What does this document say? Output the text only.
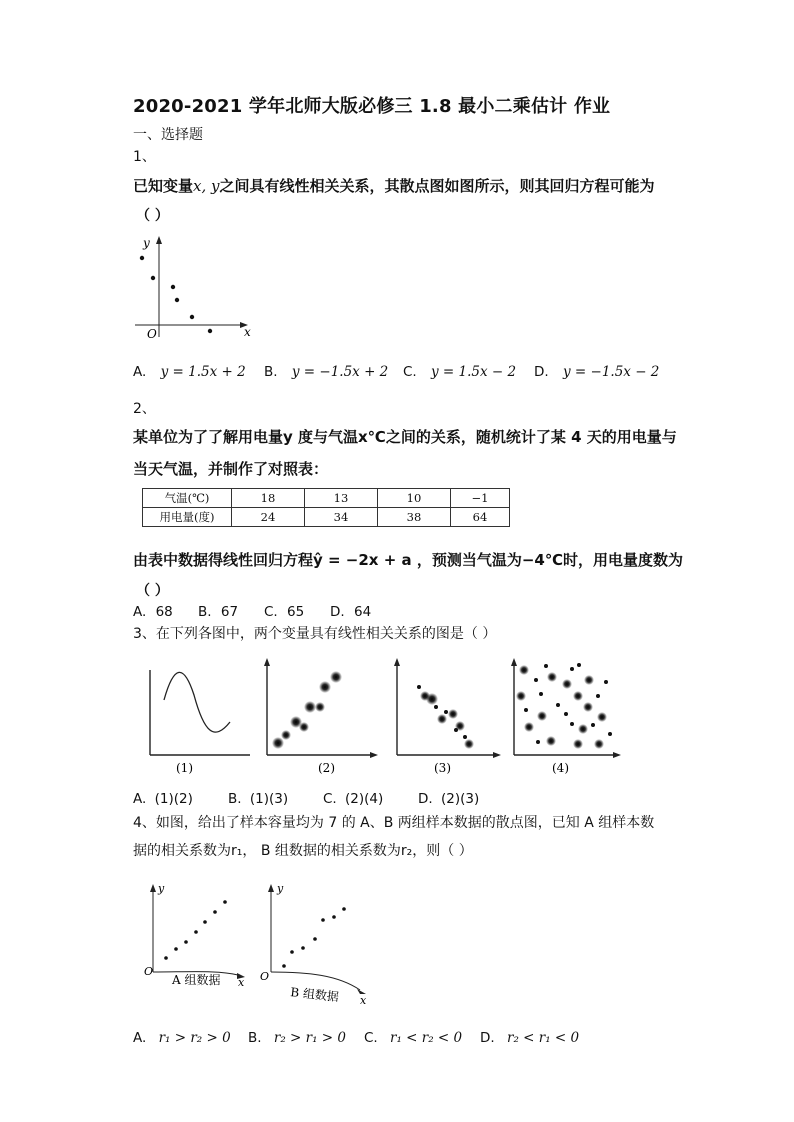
2020-2021 学年北师大版必修三 1.8 最小二乘估计 作业
一、选择题
1、
已知变量x, y之间具有线性相关关系，其散点图如图所示，则其回归方程可能为
（ ）
y
x
O
A. y = 1.5x + 2 B. y = −1.5x + 2 C. y = 1.5x − 2 D. y = −1.5x − 2
2、
某单位为了了解用电量y 度与气温x℃之间的关系，随机统计了某 4 天的用电量与
当天气温，并制作了对照表：
气温(℃)	18	13	10	−1
用电量(度)	24	34	38	64
由表中数据得线性回归方程ŷ = −2x + a ，预测当气温为−4℃时，用电量度数为
（ ）
A. 68 B. 67 C. 65 D. 64
3、在下列各图中，两个变量具有线性相关关系的图是（ ）
(1)	(2)	(3)	(4)
A. (1)(2)	B. (1)(3)	C. (2)(4)	D. (2)(3)
4、如图，给出了样本容量均为 7 的 A、B 两组样本数据的散点图，已知 A 组样本数
据的相关系数为r₁， B 组数据的相关系数为r₂，则（ ）
y
x
O
A 组数据
y
x
O
B 组数据
A. r₁ > r₂ > 0 B. r₂ > r₁ > 0 C. r₁ < r₂ < 0 D. r₂ < r₁ < 0
